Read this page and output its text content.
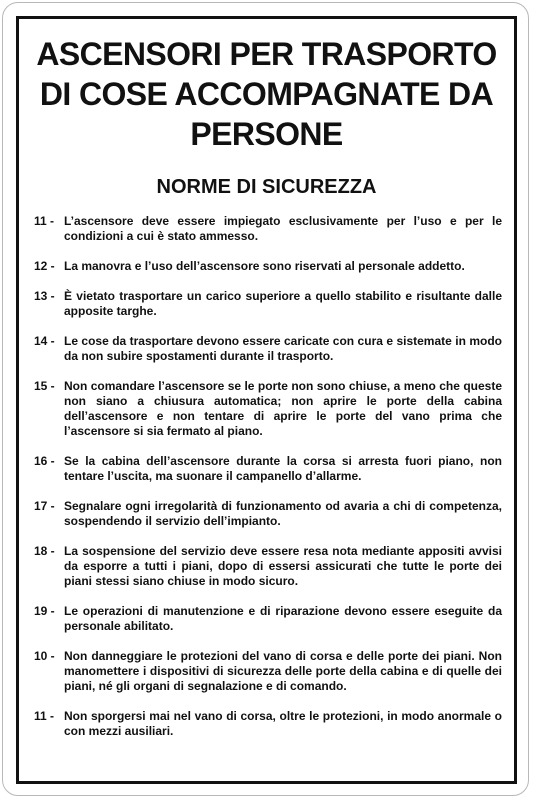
ASCENSORI PER TRASPORTO DI COSE ACCOMPAGNATE DA PERSONE
NORME DI SICUREZZA
11 - L’ascensore deve essere impiegato esclusivamente per l’uso e per le condizioni a cui è stato ammesso.
12 - La manovra e l’uso dell’ascensore sono riservati al personale addetto.
13 - È vietato trasportare un carico superiore a quello stabilito e risultante dalle apposite targhe.
14 - Le cose da trasportare devono essere caricate con cura e sistemate in modo da non subire spostamenti durante il trasporto.
15 - Non comandare l’ascensore se le porte non sono chiuse, a meno che queste non siano a chiusura automatica; non aprire le porte della cabina dell’ascensore e non tentare di aprire le porte del vano prima che l’ascensore si sia fermato al piano.
16 - Se la cabina dell’ascensore durante la corsa si arresta fuori piano, non tentare l’uscita, ma suonare il campanello d’allarme.
17 - Segnalare ogni irregolarità di funzionamento od avaria a chi di competenza, sospendendo il servizio dell’impianto.
18 - La sospensione del servizio deve essere resa nota mediante appositi avvisi da esporre a tutti i piani, dopo di essersi assicurati che tutte le porte dei piani stessi siano chiuse in modo sicuro.
19 - Le operazioni di manutenzione e di riparazione devono essere eseguite da personale abilitato.
10 - Non danneggiare le protezioni del vano di corsa e delle porte dei piani. Non manomettere i dispositivi di sicurezza delle porte della cabina e di quelle dei piani, né gli organi di segnalazione e di comando.
11 - Non sporgersi mai nel vano di corsa, oltre le protezioni, in modo anormale o con mezzi ausiliari.
